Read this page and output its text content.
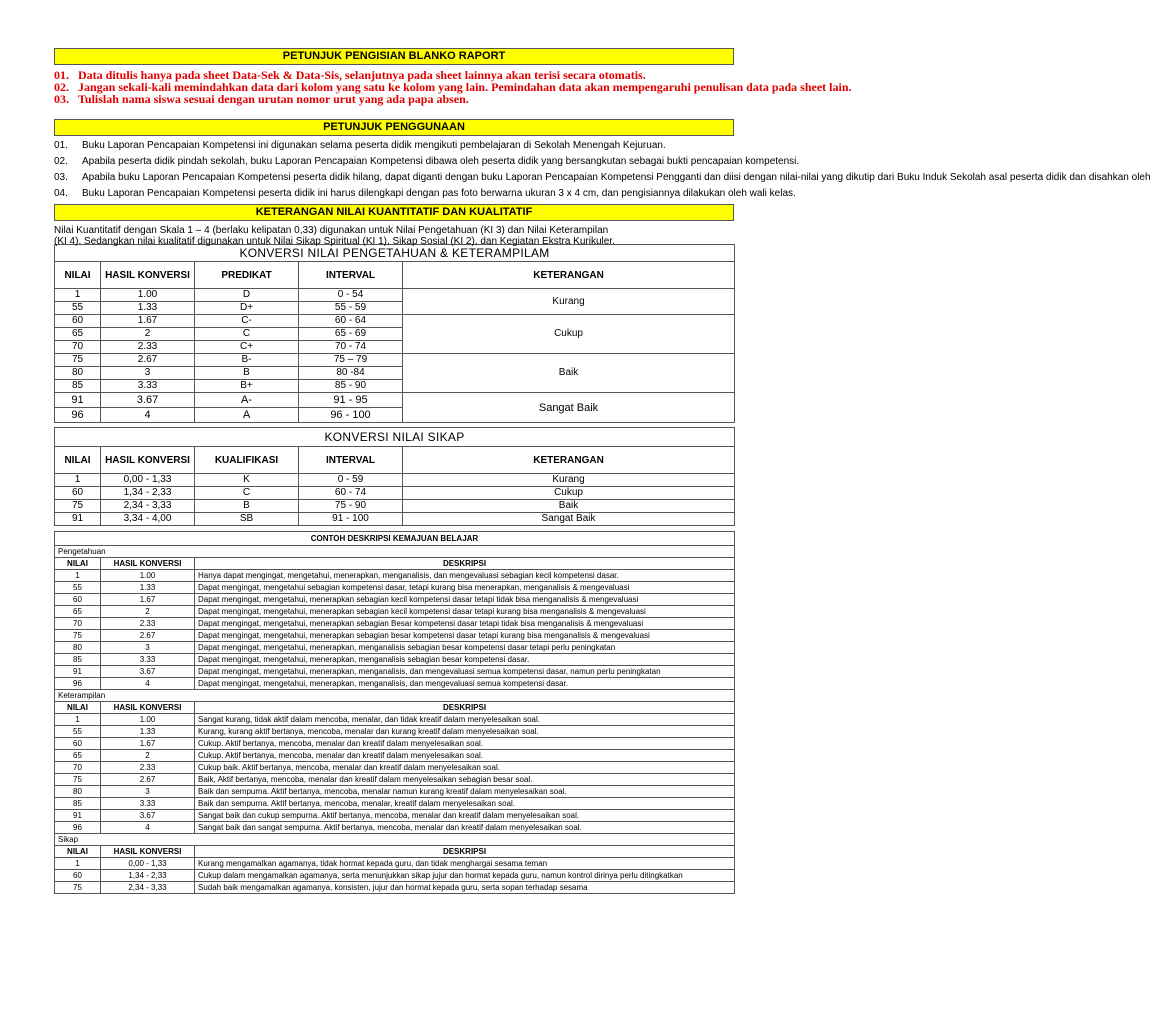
PETUNJUK PENGISIAN BLANKO RAPORT
01. Data ditulis hanya pada sheet Data-Sek & Data-Sis, selanjutnya pada sheet lainnya akan terisi secara otomatis.
02. Jangan sekali-kali memindahkan data dari kolom yang satu ke kolom yang lain. Pemindahan data akan mempengaruhi penulisan data pada sheet lain.
03. Tulislah nama siswa sesuai dengan urutan nomor urut yang ada papa absen.
PETUNJUK PENGGUNAAN
01.	Buku Laporan Pencapaian Kompetensi ini digunakan selama peserta didik mengikuti pembelajaran di Sekolah Menengah Kejuruan.
02.	Apabila peserta didik pindah sekolah, buku Laporan Pencapaian Kompetensi dibawa oleh peserta didik yang bersangkutan sebagai bukti pencapaian kompetensi.
03.	Apabila buku Laporan Pencapaian Kompetensi peserta didik hilang, dapat diganti dengan buku Laporan Pencapaian Kompetensi Pengganti dan diisi dengan nilai-nilai yang dikutip dari Buku Induk Sekolah asal peserta didik dan disahkan oleh
04.	Buku Laporan Pencapaian Kompetensi peserta didik ini harus dilengkapi dengan pas foto berwarna ukuran 3 x 4 cm, dan pengisiannya dilakukan oleh wali kelas.
KETERANGAN NILAI KUANTITATIF DAN KUALITATIF
Nilai Kuantitatif dengan Skala 1 – 4 (berlaku kelipatan 0,33) digunakan untuk Nilai Pengetahuan (KI 3) dan Nilai Keterampilan
(KI 4). Sedangkan nilai kualitatif digunakan untuk Nilai Sikap Spiritual (KI 1), Sikap Sosial (KI 2), dan Kegiatan Ekstra Kurikuler.
KONVERSI NILAI PENGETAHUAN & KETERAMPILAM				
NILAI	HASIL KONVERSI	PREDIKAT	INTERVAL	KETERANGAN
1	1.00	D	0 - 54	Kurang
55	1.33	D+	55 - 59	
60	1.67	C-	60 - 64	Cukup
65	2	C	65 - 69	
70	2.33	C+	70 - 74	
75	2.67	B-	75 – 79	Baik
80	3	B	80 -84	
85	3.33	B+	85 - 90	
91	3.67	A-	91 - 95	Sangat Baik
96	4	A	96 - 100	
KONVERSI NILAI SIKAP				
NILAI	HASIL KONVERSI	KUALIFIKASI	INTERVAL	KETERANGAN
1	0,00 - 1,33	K	0 - 59	Kurang
60	1,34 - 2,33	C	60 - 74	Cukup
75	2,34 - 3,33	B	75 - 90	Baik
91	3,34 - 4,00	SB	91 - 100	Sangat Baik
CONTOH DESKRIPSI KEMAJUAN BELAJAR		
Pengetahuan		
NILAI	HASIL KONVERSI	DESKRIPSI
1	1.00	Hanya dapat mengingat, mengetahui, menerapkan, menganalisis, dan mengevaluasi sebagian kecil kompetensi dasar.
55	1.33	Dapat mengingat, mengetahui sebagian kompetensi dasar, tetapi kurang bisa menerapkan, menganalisis & mengevaluasi
60	1.67	Dapat mengingat, mengetahui, menerapkan sebagian kecil kompetensi dasar tetapi tidak bisa menganalisis & mengevaluasi
65	2	Dapat mengingat, mengetahui, menerapkan sebagian kecil kompetensi dasar tetapi kurang bisa menganalisis & mengevaluasi
70	2.33	Dapat mengingat, mengetahui, menerapkan sebagian Besar kompetensi dasar tetapi tidak bisa menganalisis & mengevaluasi
75	2.67	Dapat mengingat, mengetahui, menerapkan sebagian besar kompetensi dasar tetapi kurang bisa menganalisis & mengevaluasi
80	3	Dapat mengingat, mengetahui, menerapkan, menganalisis sebagian besar kompetensi dasar tetapi perlu peningkatan
85	3.33	Dapat mengingat, mengetahui, menerapkan, menganalisis sebagian besar kompetensi dasar.
91	3.67	Dapat mengingat, mengetahui, menerapkan, menganalisis, dan mengevaluasi semua kompetensi dasar, namun perlu peningkatan
96	4	Dapat mengingat, mengetahui, menerapkan, menganalisis, dan mengevaluasi semua kompetensi dasar.
Keterampilan		
NILAI	HASIL KONVERSI	DESKRIPSI
1	1.00	Sangat kurang, tidak aktif dalam mencoba, menalar, dan tidak kreatif dalam menyelesaikan soal.
55	1.33	Kurang, kurang aktif bertanya, mencoba, menalar dan kurang kreatif dalam menyelesaikan soal.
60	1.67	Cukup. Aktif bertanya, mencoba, menalar dan kreatif dalam menyelesaikan soal.
65	2	Cukup. Aktif bertanya, mencoba, menalar dan kreatif dalam menyelesaikan soal.
70	2.33	Cukup baik. Aktif bertanya, mencoba, menalar dan kreatif dalam menyelesaikan soal.
75	2.67	Baik, Aktif bertanya, mencoba, menalar dan kreatif dalam menyelesaikan sebagian besar soal.
80	3	Baik dan sempurna. Aktif bertanya, mencoba, menalar namun kurang kreatif dalam menyelesaikan soal.
85	3.33	Baik dan sempurna. Aktif bertanya, mencoba, menalar, kreatif dalam menyelesaikan soal.
91	3.67	Sangat baik dan cukup sempurna. Aktif bertanya, mencoba, menalar dan kreatif dalam menyelesaikan soal.
96	4	Sangat baik dan sangat sempurna. Aktif bertanya, mencoba, menalar dan kreatif dalam menyelesaikan soal.
Sikap		
NILAI	HASIL KONVERSI	DESKRIPSI
1	0,00 - 1,33	Kurang mengamalkan agamanya, tidak hormat kepada guru, dan tidak menghargai sesama teman
60	1,34 - 2,33	Cukup dalam mengamalkan agamanya, serta menunjukkan sikap jujur dan hormat kepada guru, namun kontrol dirinya perlu ditingkatkan
75	2,34 - 3,33	Sudah baik mengamalkan agamanya, konsisten, jujur dan hormat kepada guru, serta sopan terhadap sesama
